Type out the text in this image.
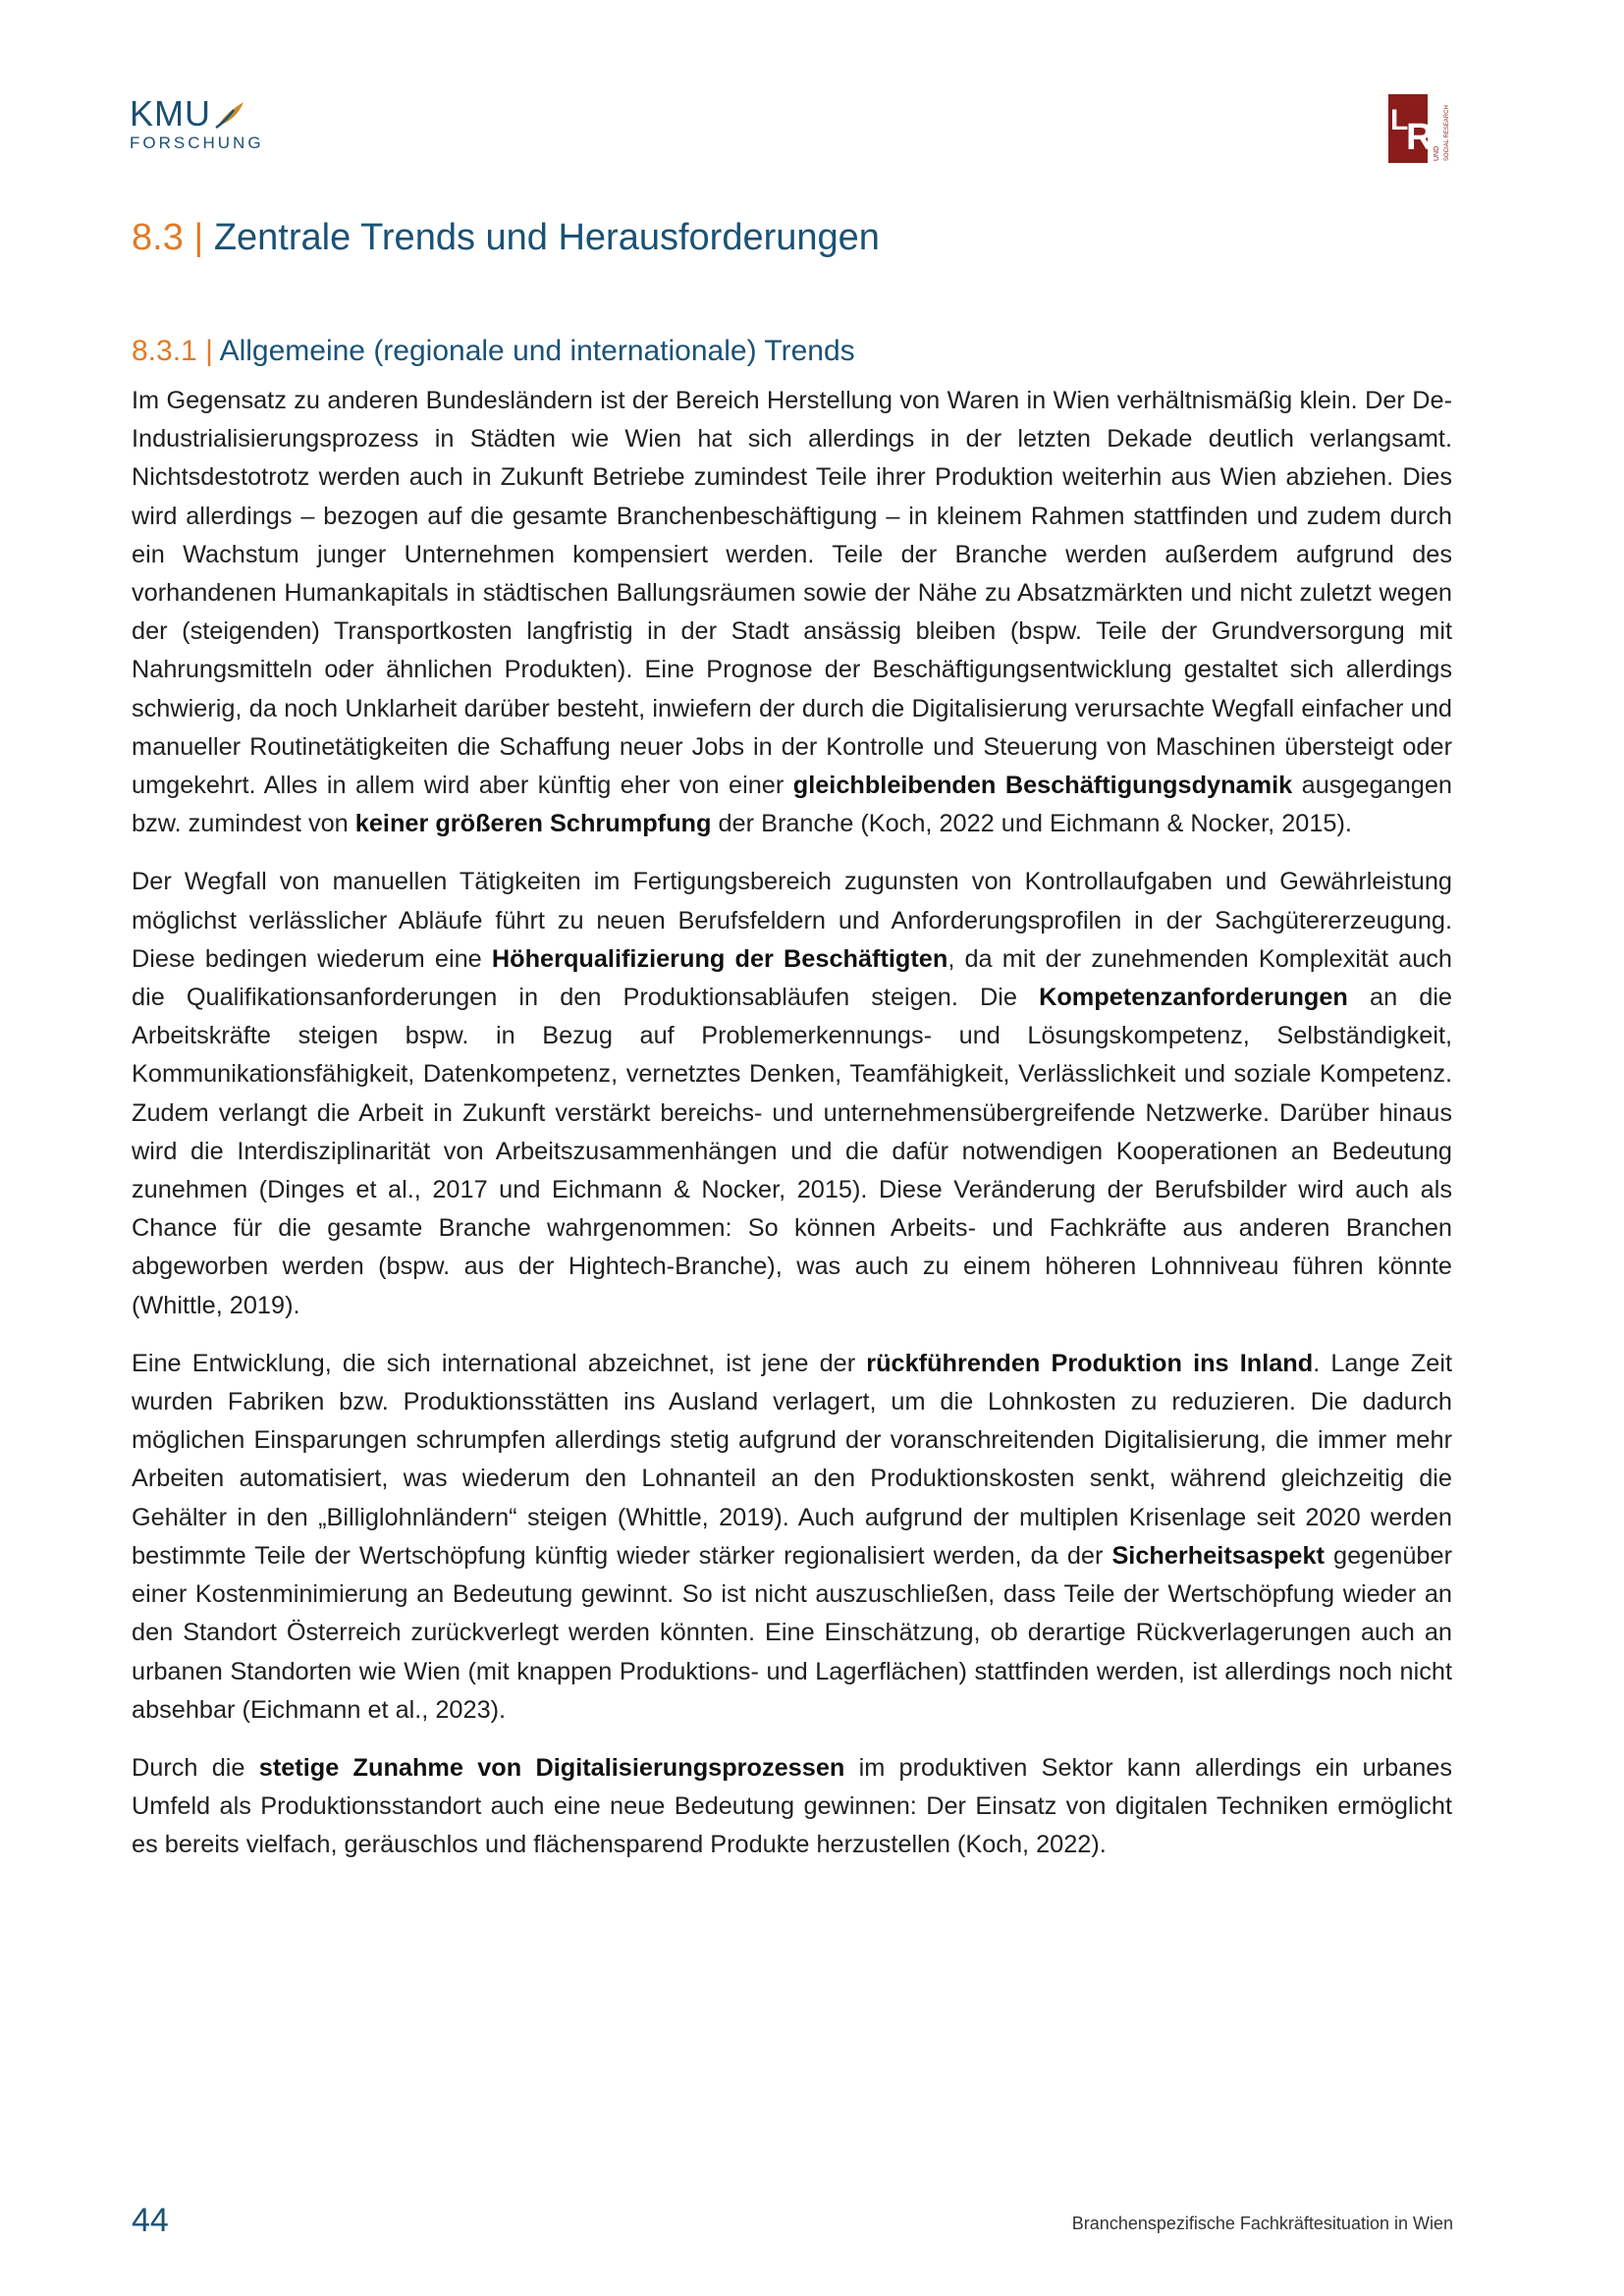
KMU
FORSCHUNG
L
R UND SOCIAL RESEARCH
8.3 | Zentrale Trends und Herausforderungen
8.3.1 | Allgemeine (regionale und internationale) Trends

Im Gegensatz zu anderen Bundesländern ist der Bereich Herstellung von Waren in Wien verhältnismäßig klein. Der De-Industrialisierungsprozess in Städten wie Wien hat sich allerdings in der letzten Dekade deutlich verlangsamt. Nichtsdestotrotz werden auch in Zukunft Betriebe zumindest Teile ihrer Produktion weiterhin aus Wien abziehen. Dies wird allerdings – bezogen auf die gesamte Branchenbeschäftigung – in kleinem Rahmen stattfinden und zudem durch ein Wachstum junger Unternehmen kompensiert werden. Teile der Branche werden außerdem aufgrund des vorhandenen Humankapitals in städtischen Ballungsräumen sowie der Nähe zu Absatzmärkten und nicht zuletzt wegen der (steigenden) Transportkosten langfristig in der Stadt ansässig bleiben (bspw. Teile der Grundversorgung mit Nahrungsmitteln oder ähnlichen Produkten). Eine Prognose der Beschäftigungsentwicklung gestaltet sich allerdings schwierig, da noch Unklarheit darüber besteht, inwiefern der durch die Digitalisierung verursachte Wegfall einfacher und manueller Routinetätigkeiten die Schaffung neuer Jobs in der Kontrolle und Steuerung von Maschinen übersteigt oder umgekehrt. Alles in allem wird aber künftig eher von einer gleichbleibenden Beschäftigungsdynamik ausgegangen bzw. zumindest von keiner größeren Schrumpfung der Branche (Koch, 2022 und Eichmann & Nocker, 2015).

Der Wegfall von manuellen Tätigkeiten im Fertigungsbereich zugunsten von Kontrollaufgaben und Gewährleistung möglichst verlässlicher Abläufe führt zu neuen Berufsfeldern und Anforderungsprofilen in der Sachgütererzeugung. Diese bedingen wiederum eine Höherqualifizierung der Beschäftigten, da mit der zunehmenden Komplexität auch die Qualifikationsanforderungen in den Produktionsabläufen steigen. Die Kompetenzanforderungen an die Arbeitskräfte steigen bspw. in Bezug auf Problemerkennungs- und Lösungskompetenz, Selbständigkeit, Kommunikationsfähigkeit, Datenkompetenz, vernetztes Denken, Teamfähigkeit, Verlässlichkeit und soziale Kompetenz. Zudem verlangt die Arbeit in Zukunft verstärkt bereichs- und unternehmensübergreifende Netzwerke. Darüber hinaus wird die Interdisziplinarität von Arbeitszusammenhängen und die dafür notwendigen Kooperationen an Bedeutung zunehmen (Dinges et al., 2017 und Eichmann & Nocker, 2015). Diese Veränderung der Berufsbilder wird auch als Chance für die gesamte Branche wahrgenommen: So können Arbeits- und Fachkräfte aus anderen Branchen abgeworben werden (bspw. aus der Hightech-Branche), was auch zu einem höheren Lohnniveau führen könnte (Whittle, 2019).

Eine Entwicklung, die sich international abzeichnet, ist jene der rückführenden Produktion ins Inland. Lange Zeit wurden Fabriken bzw. Produktionsstätten ins Ausland verlagert, um die Lohnkosten zu reduzieren. Die dadurch möglichen Einsparungen schrumpfen allerdings stetig aufgrund der voranschreitenden Digitalisierung, die immer mehr Arbeiten automatisiert, was wiederum den Lohnanteil an den Produktionskosten senkt, während gleichzeitig die Gehälter in den „Billiglohnländern“ steigen (Whittle, 2019). Auch aufgrund der multiplen Krisenlage seit 2020 werden bestimmte Teile der Wertschöpfung künftig wieder stärker regionalisiert werden, da der Sicherheitsaspekt gegenüber einer Kostenminimierung an Bedeutung gewinnt. So ist nicht auszuschließen, dass Teile der Wertschöpfung wieder an den Standort Österreich zurückverlegt werden könnten. Eine Einschätzung, ob derartige Rückverlagerungen auch an urbanen Standorten wie Wien (mit knappen Produktions- und Lagerflächen) stattfinden werden, ist allerdings noch nicht absehbar (Eichmann et al., 2023).

Durch die stetige Zunahme von Digitalisierungsprozessen im produktiven Sektor kann allerdings ein urbanes Umfeld als Produktionsstandort auch eine neue Bedeutung gewinnen: Der Einsatz von digitalen Techniken ermöglicht es bereits vielfach, geräuschlos und flächensparend Produkte herzustellen (Koch, 2022).

44	Branchenspezifische Fachkräftesituation in Wien
